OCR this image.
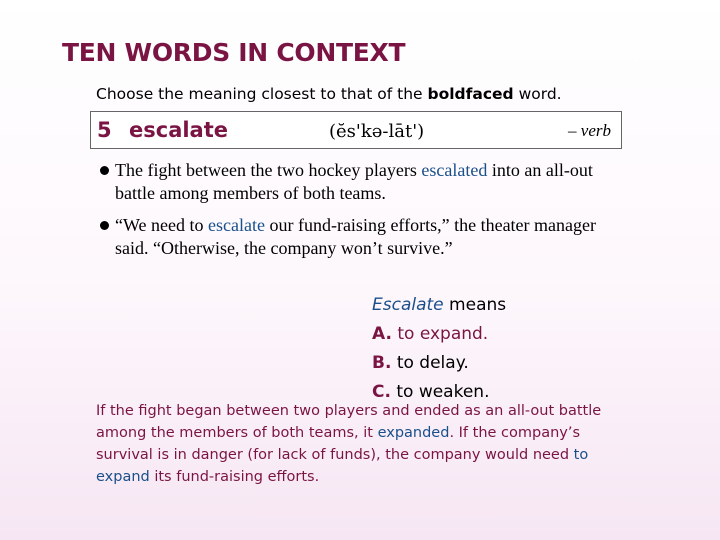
TEN WORDS IN CONTEXT
Choose the meaning closest to that of the boldfaced word.
5 escalate	(ĕs'kə-lāt')	– verb
The fight between the two hockey players escalated into an all-out battle among members of both teams.
“We need to escalate our fund-raising efforts,” the theater manager said. “Otherwise, the company won’t survive.”
Escalate means
A. to expand.
B. to delay.
C. to weaken.
If the fight began between two players and ended as an all-out battle among the members of both teams, it expanded. If the company’s survival is in danger (for lack of funds), the company would need to expand its fund-raising efforts.
